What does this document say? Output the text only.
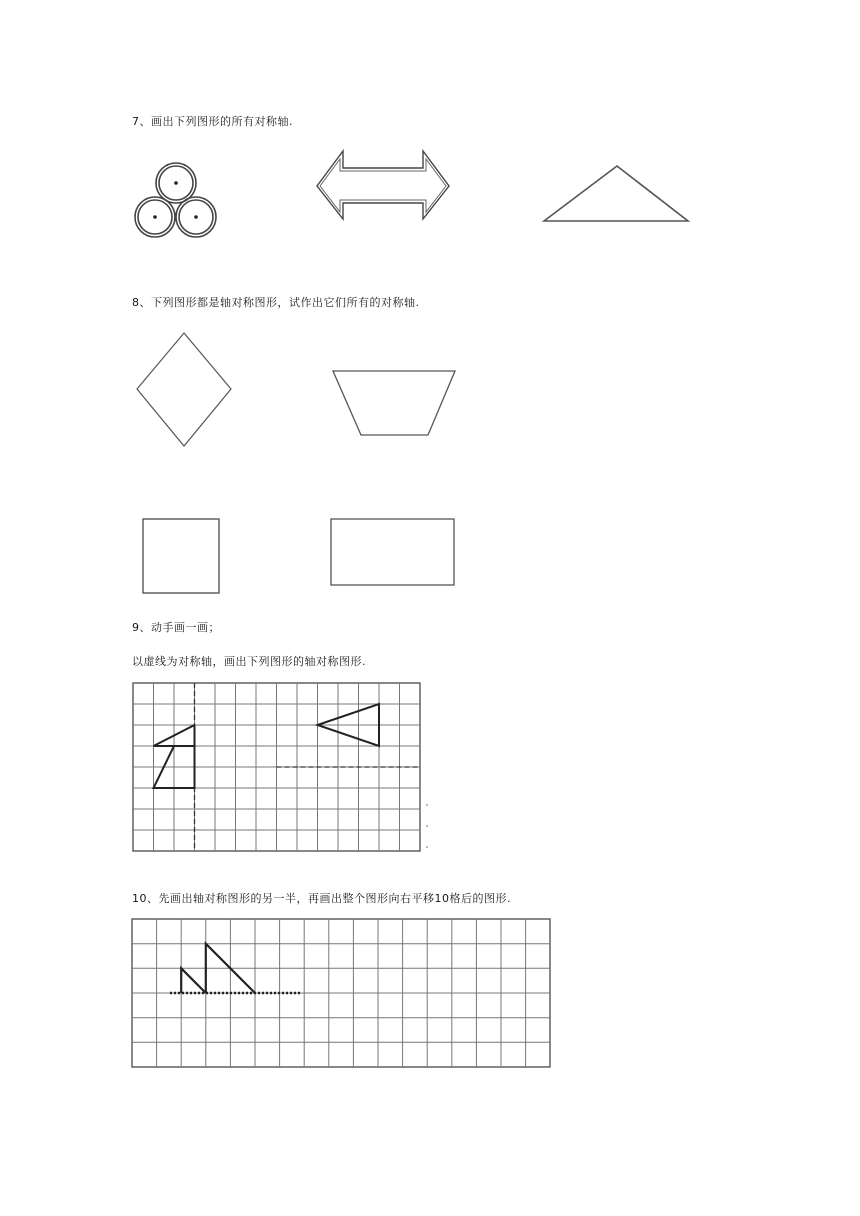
7、画出下列图形的所有对称轴.
8、下列图形都是轴对称图形，试作出它们所有的对称轴.
9、动手画一画；
以虚线为对称轴，画出下列图形的轴对称图形.
10、先画出轴对称图形的另一半，再画出整个图形向右平移10格后的图形.
